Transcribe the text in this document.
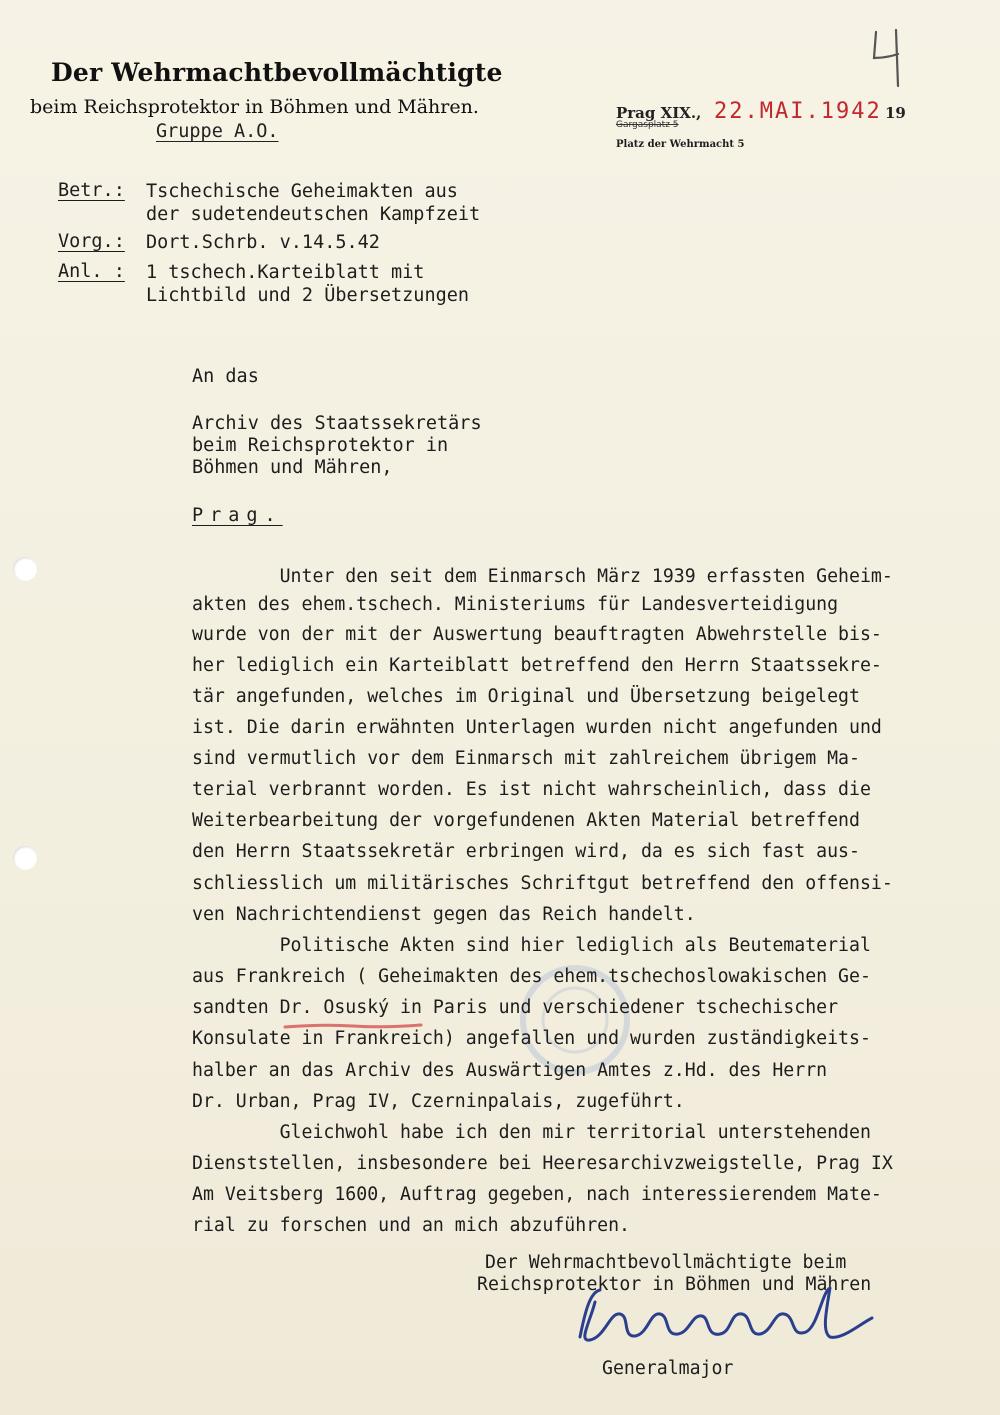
Der Wehrmachtbevollmächtigte
beim Reichsprotektor in Böhmen und Mähren.
Gruppe A.O.
Prag XIX., 22.MAI.1942 19
Gargasplatz 5
Platz der Wehrmacht 5
Betr.: Tschechische Geheimakten aus
der sudetendeutschen Kampfzeit
Vorg.: Dort.Schrb. v.14.5.42
Anl. : 1 tschech.Karteiblatt mit
Lichtbild und 2 Übersetzungen
An das
Archiv des Staatssekretärs
beim Reichsprotektor in
Böhmen und Mähren,
Prag.
Unter den seit dem Einmarsch März 1939 erfassten Geheim-
akten des ehem.tschech. Ministeriums für Landesverteidigung
wurde von der mit der Auswertung beauftragten Abwehrstelle bis-
her lediglich ein Karteiblatt betreffend den Herrn Staatssekre-
tär angefunden, welches im Original und Übersetzung beigelegt
ist. Die darin erwähnten Unterlagen wurden nicht angefunden und
sind vermutlich vor dem Einmarsch mit zahlreichem übrigem Ma-
terial verbrannt worden. Es ist nicht wahrscheinlich, dass die
Weiterbearbeitung der vorgefundenen Akten Material betreffend
den Herrn Staatssekretär erbringen wird, da es sich fast aus-
schliesslich um militärisches Schriftgut betreffend den offensi-
ven Nachrichtendienst gegen das Reich handelt.
Politische Akten sind hier lediglich als Beutematerial
aus Frankreich ( Geheimakten des ehem.tschechoslowakischen Ge-
sandten Dr. Osuský in Paris und verschiedener tschechischer
Konsulate in Frankreich) angefallen und wurden zuständigkeits-
halber an das Archiv des Auswärtigen Amtes z.Hd. des Herrn
Dr. Urban, Prag IV, Czerninpalais, zugeführt.
Gleichwohl habe ich den mir territorial unterstehenden
Dienststellen, insbesondere bei Heeresarchivzweigstelle, Prag IX
Am Veitsberg 1600, Auftrag gegeben, nach interessierendem Mate-
rial zu forschen und an mich abzuführen.
Der Wehrmachtbevollmächtigte beim
Reichsprotektor in Böhmen und Mähren
Generalmajor
